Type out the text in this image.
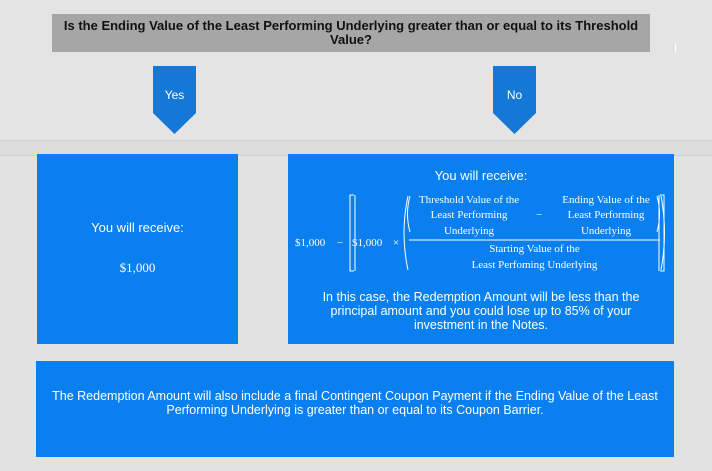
Is the Ending Value of the Least Performing Underlying greater than or equal to its Threshold Value?
Yes	No
You will receive:
$1,000
You will receive:
$1,000 − $1,000 ×
Threshold Value of the
Least Performing
Underlying
−
Ending Value of the
Least Performing
Underlying
Starting Value of the
Least Perfoming Underlying
In this case, the Redemption Amount will be less than the principal amount and you could lose up to 85% of your investment in the Notes.
The Redemption Amount will also include a final Contingent Coupon Payment if the Ending Value of the Least Performing Underlying is greater than or equal to its Coupon Barrier.
